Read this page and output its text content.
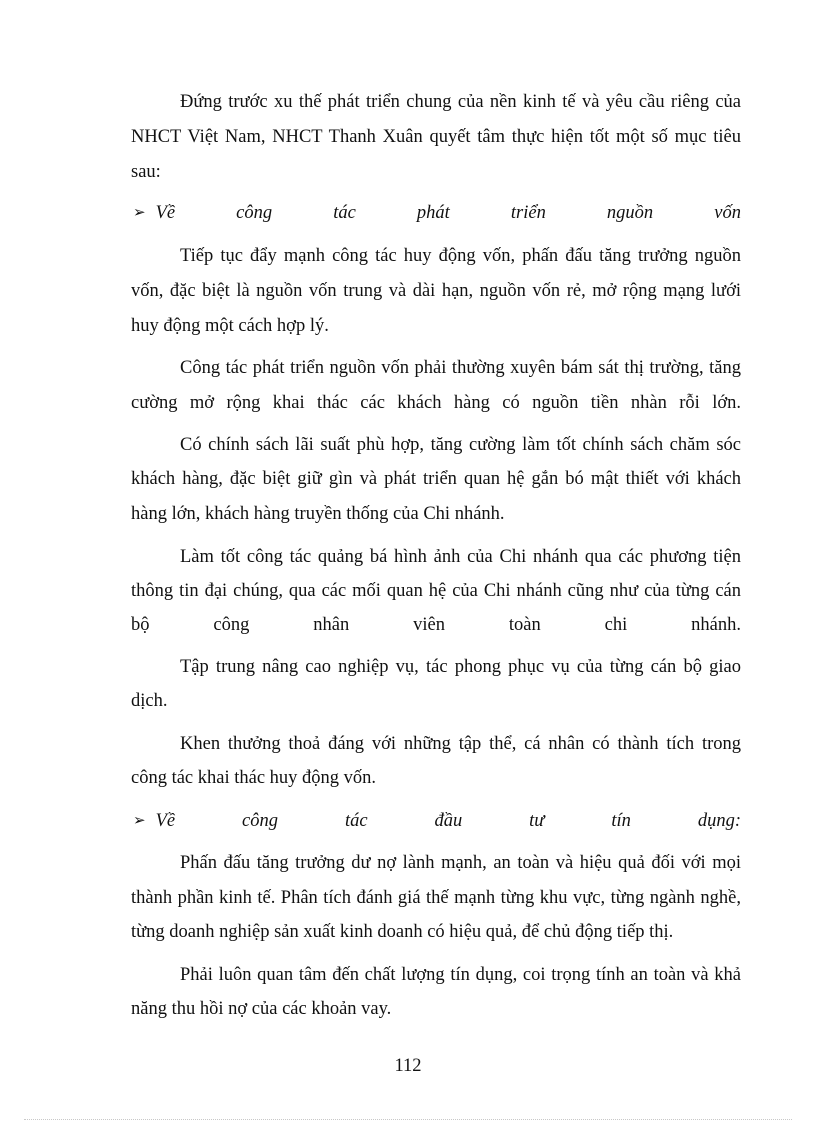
Đứng trước xu thế phát triển chung của nền kinh tế và yêu cầu riêng của
NHCT Việt Nam, NHCT Thanh Xuân quyết tâm thực hiện tốt một số mục tiêu
sau:
➢ Về	công	tác	phát	triển	nguồn	vốn
Tiếp tục đẩy mạnh công tác huy động vốn, phấn đấu tăng trưởng nguồn
vốn, đặc biệt là nguồn vốn trung và dài hạn, nguồn vốn rẻ, mở rộng mạng lưới
huy động một cách hợp lý.
Công tác phát triển nguồn vốn phải thường xuyên bám sát thị trường, tăng
cường mở rộng khai thác các khách hàng có nguồn tiền nhàn rỗi lớn.
Có chính sách lãi suất phù hợp, tăng cường làm tốt chính sách chăm sóc
khách hàng, đặc biệt giữ gìn và phát triển quan hệ gắn bó mật thiết với khách
hàng lớn, khách hàng truyền thống của Chi nhánh.
Làm tốt công tác quảng bá hình ảnh của Chi nhánh qua các phương tiện
thông tin đại chúng, qua các mối quan hệ của Chi nhánh cũng như của từng cán
bộ công nhân viên toàn chi nhánh.
Tập trung nâng cao nghiệp vụ, tác phong phục vụ của từng cán bộ giao
dịch.
Khen thưởng thoả đáng với những tập thể, cá nhân có thành tích trong
công tác khai thác huy động vốn.
➢ Về	công	tác	đầu	tư	tín	dụng:
Phấn đấu tăng trưởng dư nợ lành mạnh, an toàn và hiệu quả đối với mọi
thành phần kinh tế. Phân tích đánh giá thế mạnh từng khu vực, từng ngành nghề,
từng doanh nghiệp sản xuất kinh doanh có hiệu quả, để chủ động tiếp thị.
Phải luôn quan tâm đến chất lượng tín dụng, coi trọng tính an toàn và khả
năng thu hồi nợ của các khoản vay.
112
